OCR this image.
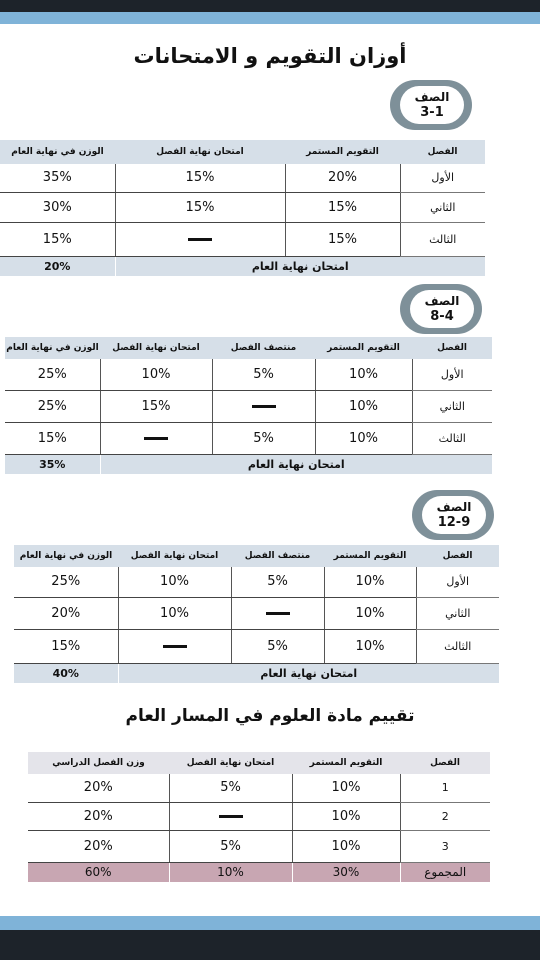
أوزان التقويم و الامتحانات
الصف
3-1
الفصل	التقويم المستمر	امتحان نهاية الفصل	الوزن في نهاية العام
الأول	20%	15%	35%
الثاني	15%	15%	30%
الثالث	15%		15%
امتحان نهاية العام			20%
الصف
8-4
الفصل	التقويم المستمر	منتصف الفصل	امتحان نهاية الفصل	الوزن في نهاية العام
الأول	10%	5%	10%	25%
الثاني	10%		15%	25%
الثالث	10%	5%		15%
امتحان نهاية العام				35%
الصف
12-9
الفصل	التقويم المستمر	منتصف الفصل	امتحان نهاية الفصل	الوزن في نهاية العام
الأول	10%	5%	10%	25%
الثاني	10%		10%	20%
الثالث	10%	5%		15%
امتحان نهاية العام				40%
تقييم مادة العلوم في المسار العام
الفصل	التقويم المستمر	امتحان نهاية الفصل	وزن الفصل الدراسي
1	10%	5%	20%
2	10%		20%
3	10%	5%	20%
المجموع	30%	10%	60%
